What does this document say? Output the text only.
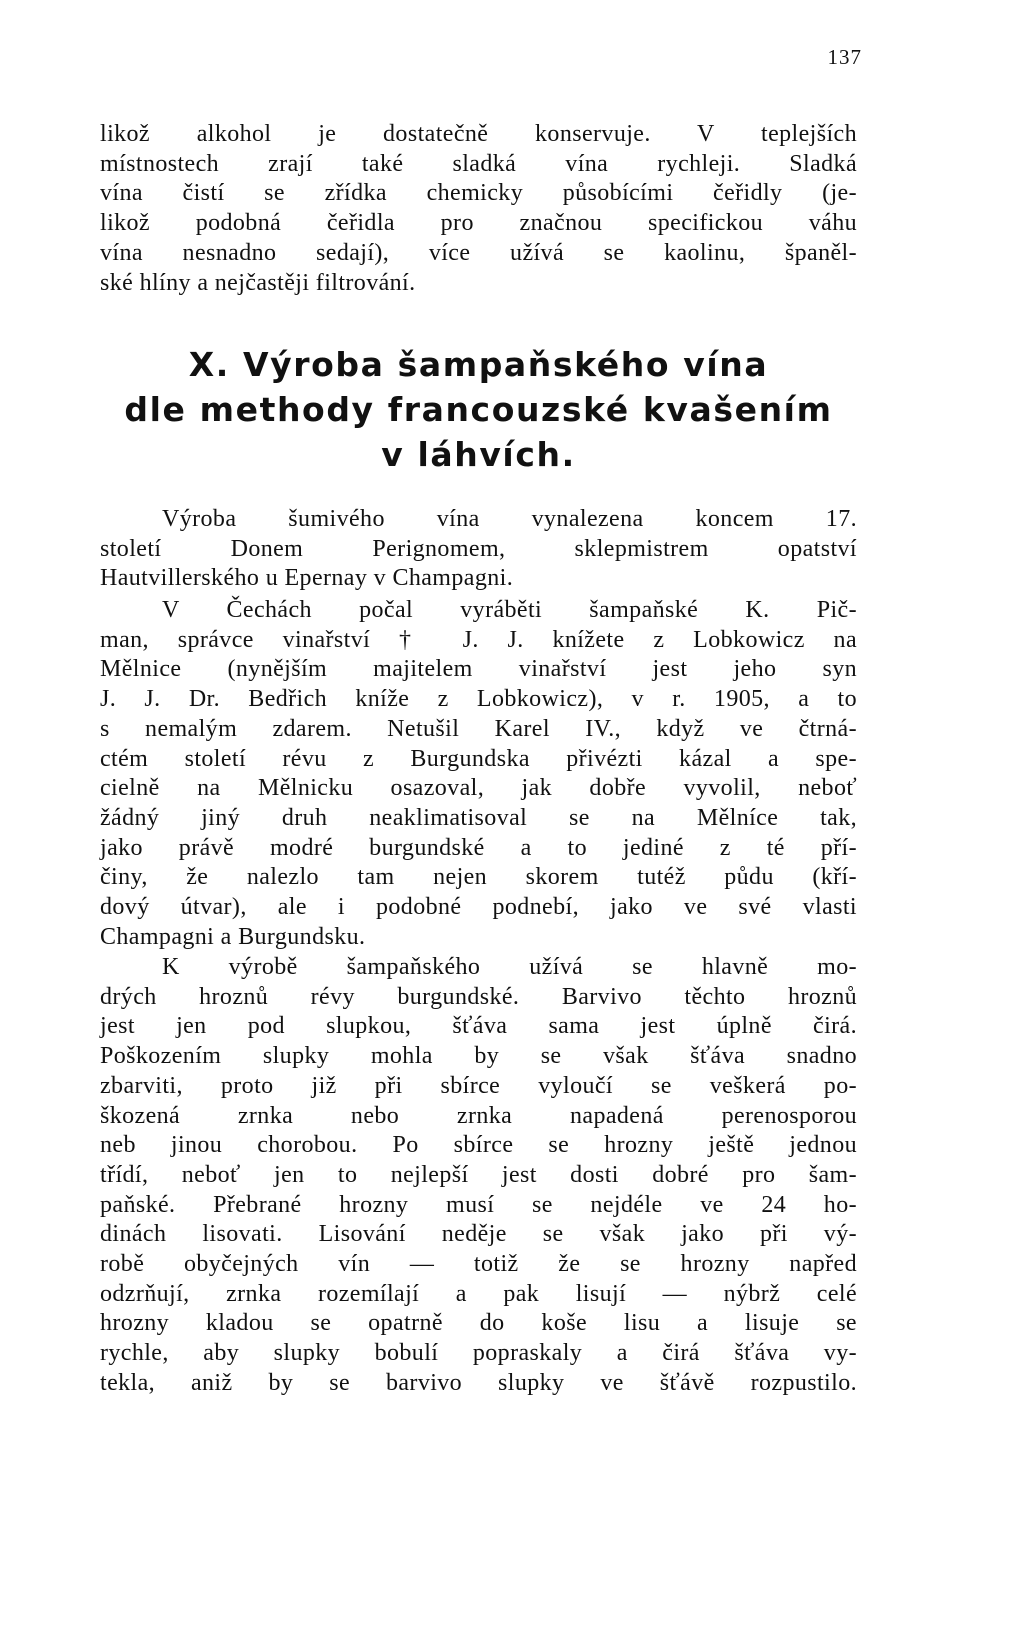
137

likož alkohol je dostatečně konservuje. V teplejších
místnostech zrají také sladká vína rychleji. Sladká
vína čistí se zřídka chemicky působícími čeřidly (je-
likož podobná čeřidla pro značnou specifickou váhu
vína nesnadno sedají), více užívá se kaolinu, španěl-
ské hlíny a nejčastěji filtrování.
X. Výroba šampaňského vína
dle methody francouzské kvašením
v láhvích.
Výroba šumivého vína vynalezena koncem 17.
století Donem Perignomem, sklepmistrem opatství
Hautvillerského u Epernay v Champagni.
V Čechách počal vyráběti šampaňské K. Pič-
man, správce vinařství † J. J. knížete z Lobkowicz na
Mělnice (nynějším majitelem vinařství jest jeho syn
J. J. Dr. Bedřich kníže z Lobkowicz), v r. 1905, a to
s nemalým zdarem. Netušil Karel IV., když ve čtrná-
ctém století révu z Burgundska přivézti kázal a spe-
cielně na Mělnicku osazoval, jak dobře vyvolil, neboť
žádný jiný druh neaklimatisoval se na Mělníce tak,
jako právě modré burgundské a to jediné z té pří-
činy, že nalezlo tam nejen skorem tutéž půdu (kří-
dový útvar), ale i podobné podnebí, jako ve své vlasti
Champagni a Burgundsku.
K výrobě šampaňského užívá se hlavně mo-
drých hroznů révy burgundské. Barvivo těchto hroznů
jest jen pod slupkou, šťáva sama jest úplně čirá.
Poškozením slupky mohla by se však šťáva snadno
zbarviti, proto již při sbírce vyloučí se veškerá po-
škozená zrnka nebo zrnka napadená perenosporou
neb jinou chorobou. Po sbírce se hrozny ještě jednou
třídí, neboť jen to nejlepší jest dosti dobré pro šam-
paňské. Přebrané hrozny musí se nejdéle ve 24 ho-
dinách lisovati. Lisování neděje se však jako při vý-
robě obyčejných vín — totiž že se hrozny napřed
odzrňují, zrnka rozemílají a pak lisují — nýbrž celé
hrozny kladou se opatrně do koše lisu a lisuje se
rychle, aby slupky bobulí popraskaly a čirá šťáva vy-
tekla, aniž by se barvivo slupky ve šťávě rozpustilo.
